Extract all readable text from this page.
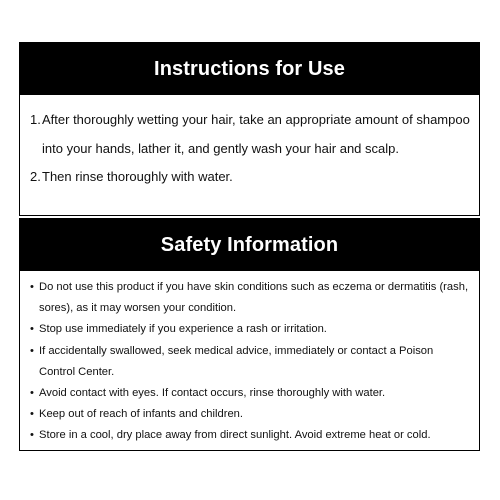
Instructions for Use
1. After thoroughly wetting your hair, take an appropriate amount of shampoo into your hands, lather it, and gently wash your hair and scalp.
2. Then rinse thoroughly with water.
Safety Information
• Do not use this product if you have skin conditions such as eczema or dermatitis (rash, sores), as it may worsen your condition.
• Stop use immediately if you experience a rash or irritation.
• If accidentally swallowed, seek medical advice, immediately or contact a Poison Control Center.
• Avoid contact with eyes. If contact occurs, rinse thoroughly with water.
• Keep out of reach of infants and children.
• Store in a cool, dry place away from direct sunlight. Avoid extreme heat or cold.
